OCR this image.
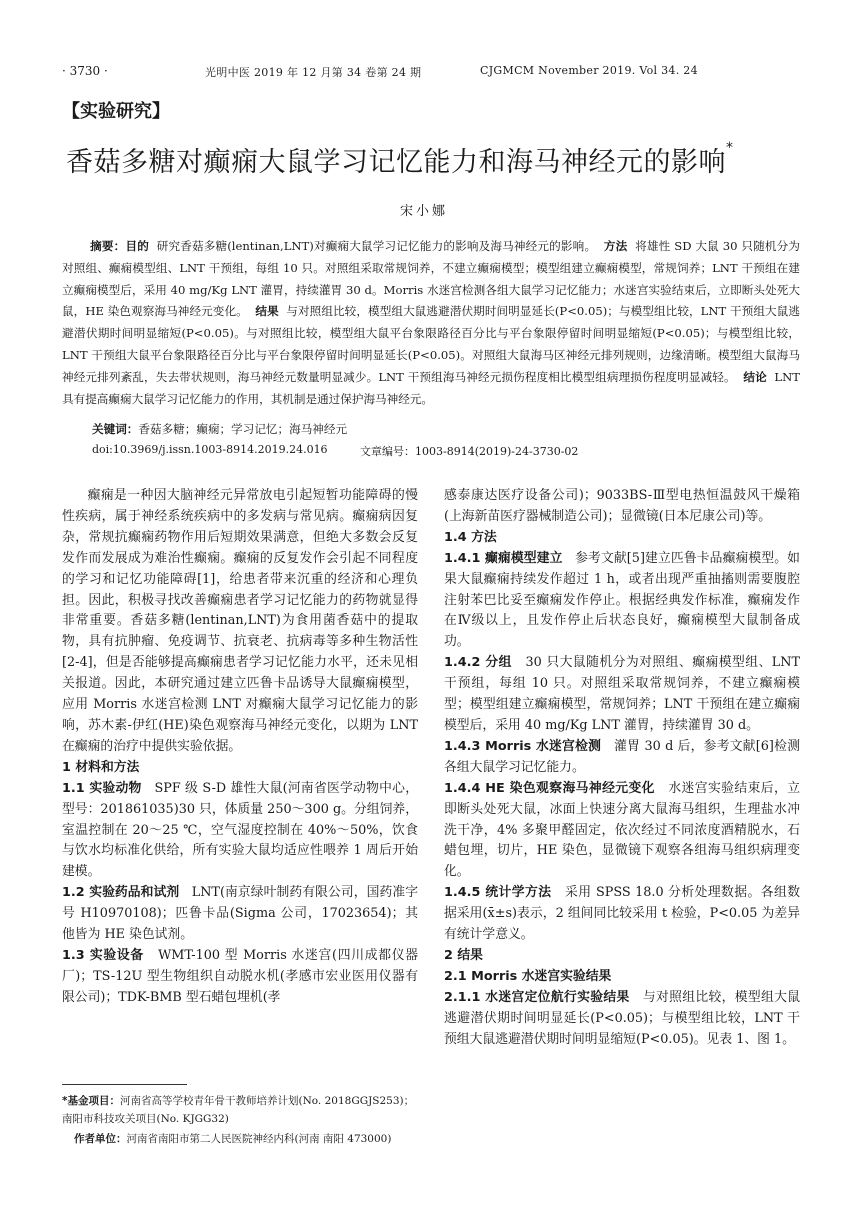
· 3730 ·	光明中医 2019 年 12 月第 34 卷第 24 期	CJGMCM November 2019. Vol 34. 24
【实验研究】
香菇多糖对癫痫大鼠学习记忆能力和海马神经元的影响*
宋小娜
摘要：目的 研究香菇多糖(lentinan,LNT)对癫痫大鼠学习记忆能力的影响及海马神经元的影响。 方法 将雄性 SD 大鼠 30 只随机分为对照组、癫痫模型组、LNT 干预组，每组 10 只。对照组采取常规饲养，不建立癫痫模型；模型组建立癫痫模型，常规饲养；LNT 干预组在建立癫痫模型后，采用 40 mg/Kg LNT 灌胃，持续灌胃 30 d。Morris 水迷宫检测各组大鼠学习记忆能力；水迷宫实验结束后，立即断头处死大鼠，HE 染色观察海马神经元变化。 结果 与对照组比较，模型组大鼠逃避潜伏期时间明显延长(P<0.05)；与模型组比较，LNT 干预组大鼠逃避潜伏期时间明显缩短(P<0.05)。与对照组比较，模型组大鼠平台象限路径百分比与平台象限停留时间明显缩短(P<0.05)；与模型组比较，LNT 干预组大鼠平台象限路径百分比与平台象限停留时间明显延长(P<0.05)。对照组大鼠海马区神经元排列规则，边缘清晰。模型组大鼠海马神经元排列紊乱，失去带状规则，海马神经元数量明显减少。LNT 干预组海马神经元损伤程度相比模型组病理损伤程度明显减轻。 结论 LNT 具有提高癫痫大鼠学习记忆能力的作用，其机制是通过保护海马神经元。
关键词：香菇多糖；癫痫；学习记忆；海马神经元
doi:10.3969/j.issn.1003-8914.2019.24.016	文章编号：1003-8914(2019)-24-3730-02

癫痫是一种因大脑神经元异常放电引起短暂功能障碍的慢性疾病，属于神经系统疾病中的多发病与常见病。癫痫病因复杂，常规抗癫痫药物作用后短期效果满意，但绝大多数会反复发作而发展成为难治性癫痫。癫痫的反复发作会引起不同程度的学习和记忆功能障碍[1]，给患者带来沉重的经济和心理负担。因此，积极寻找改善癫痫患者学习记忆能力的药物就显得非常重要。香菇多糖(lentinan,LNT)为食用菌香菇中的提取物，具有抗肿瘤、免疫调节、抗衰老、抗病毒等多种生物活性[2-4]，但是否能够提高癫痫患者学习记忆能力水平，还未见相关报道。因此，本研究通过建立匹鲁卡品诱导大鼠癫痫模型，应用 Morris 水迷宫检测 LNT 对癫痫大鼠学习记忆能力的影响，苏木素-伊红(HE)染色观察海马神经元变化，以期为 LNT 在癫痫的治疗中提供实验依据。

1 材料和方法

1.1 实验动物 SPF 级 S-D 雄性大鼠(河南省医学动物中心，型号：201861035)30 只，体质量 250～300 g。分组饲养，室温控制在 20～25 ℃，空气湿度控制在 40%～50%，饮食与饮水均标准化供给，所有实验大鼠均适应性喂养 1 周后开始建模。

1.2 实验药品和试剂 LNT(南京绿叶制药有限公司，国药准字号 H10970108)；匹鲁卡品(Sigma 公司，17023654)；其他皆为 HE 染色试剂。

1.3 实验设备 WMT-100 型 Morris 水迷宫(四川成都仪器厂)；TS-12U 型生物组织自动脱水机(孝感市宏业医用仪器有限公司)；TDK-BMB 型石蜡包埋机(孝

感泰康达医疗设备公司)；9033BS-Ⅲ型电热恒温鼓风干燥箱(上海新苗医疗器械制造公司)；显微镜(日本尼康公司)等。

1.4 方法

1.4.1 癫痫模型建立 参考文献[5]建立匹鲁卡品癫痫模型。如果大鼠癫痫持续发作超过 1 h，或者出现严重抽搐则需要腹腔注射苯巴比妥至癫痫发作停止。根据经典发作标准，癫痫发作在Ⅳ级以上，且发作停止后状态良好，癫痫模型大鼠制备成功。

1.4.2 分组 30 只大鼠随机分为对照组、癫痫模型组、LNT 干预组，每组 10 只。对照组采取常规饲养，不建立癫痫模型；模型组建立癫痫模型，常规饲养；LNT 干预组在建立癫痫模型后，采用 40 mg/Kg LNT 灌胃，持续灌胃 30 d。

1.4.3 Morris 水迷宫检测 灌胃 30 d 后，参考文献[6]检测各组大鼠学习记忆能力。

1.4.4 HE 染色观察海马神经元变化 水迷宫实验结束后，立即断头处死大鼠，冰面上快速分离大鼠海马组织，生理盐水冲洗干净，4% 多聚甲醛固定，依次经过不同浓度酒精脱水，石蜡包埋，切片，HE 染色，显微镜下观察各组海马组织病理变化。

1.4.5 统计学方法 采用 SPSS 18.0 分析处理数据。各组数据采用(x̄±s)表示，2 组间同比较采用 t 检验，P<0.05 为差异有统计学意义。

2 结果
2.1 Morris 水迷宫实验结果

2.1.1 水迷宫定位航行实验结果 与对照组比较，模型组大鼠逃避潜伏期时间明显延长(P<0.05)；与模型组比较，LNT 干预组大鼠逃避潜伏期时间明显缩短(P<0.05)。见表 1、图 1。

*基金项目：河南省高等学校青年骨干教师培养计划(No. 2018GGJS253)；南阳市科技攻关项目(No. KJGG32)
作者单位：河南省南阳市第二人民医院神经内科(河南 南阳 473000)
